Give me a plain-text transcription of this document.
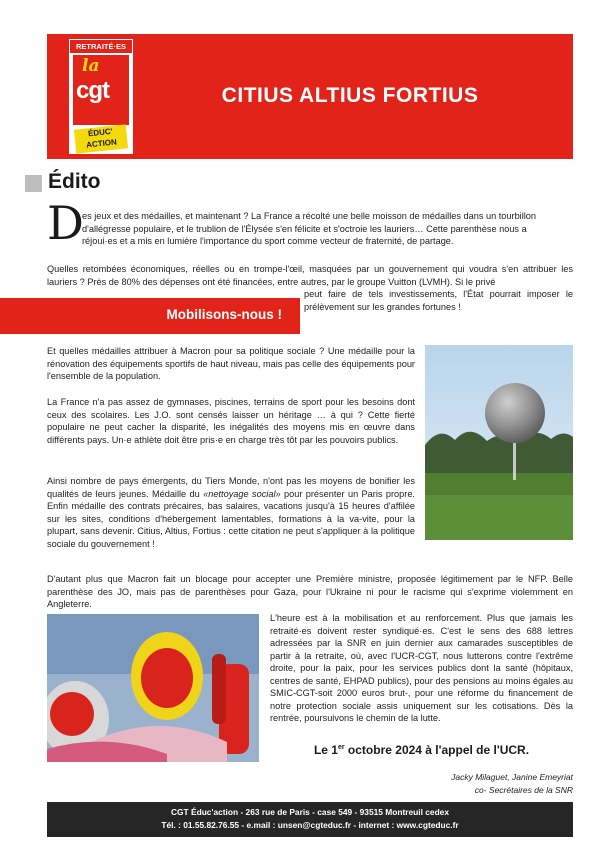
RETRAITÉ·ES
la
cgt
ÉDUC'
ACTION
CITIUS ALTIUS FORTIUS
Édito
D

es jeux et des médailles, et maintenant ? La France a récolté une belle moisson de médailles dans un tourbillon

d'allégresse populaire, et le trublion de l'Élysée s'en félicite et s'octroie les lauriers… Cette parenthèse nous a

réjoui·es et a mis en lumière l'importance du sport comme vecteur de fraternité, de partage.

Quelles retombées économiques, réelles ou en trompe-l'œil, masquées par un gouvernement qui voudra s'en attribuer les lauriers ? Près de 80% des dépenses ont été financées, entre autres, par le groupe Vuitton (LVMH). Si le privé

peut faire de tels investissements, l'État pourrait imposer le prélèvement sur les grandes fortunes !

Mobilisons-nous !

Et quelles médailles attribuer à Macron pour sa politique sociale ? Une médaille pour la rénovation des équipements sportifs de haut niveau, mais pas celle des équipements pour l'ensemble de la population.

La France n'a pas assez de gymnases, piscines, terrains de sport pour les besoins dont ceux des scolaires. Les J.O. sont censés laisser un héritage … à qui ? Cette fierté populaire ne peut cacher la disparité, les inégalités des moyens mis en œuvre dans différents pays. Un·e athlète doit être pris·e en charge très tôt par les pouvoirs publics.

Ainsi nombre de pays émergents, du Tiers Monde, n'ont pas les moyens de bonifier les qualités de leurs jeunes. Médaille du «nettoyage social» pour présenter un Paris propre. Enfin médaille des contrats précaires, bas salaires, vacations jusqu'à 15 heures d'affilée sur les sites, conditions d'hébergement lamentables, formations à la va-vite, pour la plupart, sans devenir. Citius, Altius, Fortius : cette citation ne peut s'appliquer à la politique sociale du gouvernement !

D'autant plus que Macron fait un blocage pour accepter une Première ministre, proposée légitimement par le NFP. Belle parenthèse des JO, mais pas de parenthèses pour Gaza, pour l'Ukraine ni pour le racisme qui s'exprime violemment en Angleterre.

L'heure est à la mobilisation et au renforcement. Plus que jamais les retraité·es doivent rester syndiqué·es. C'est le sens des 688 lettres adressées par la SNR en juin dernier aux camarades susceptibles de partir à la retraite, où, avec l'UCR-CGT, nous lutterons contre l'extrême droite, pour la paix, pour les services publics dont la santé (hôpitaux, centres de santé, EHPAD publics), pour des pensions au moins égales au SMIC-CGT-soit 2000 euros brut-, pour une réforme du financement de notre protection sociale assis uniquement sur les cotisations. Dès la rentrée, poursuivons le chemin de la lutte.

Le 1er octobre 2024 à l'appel de l'UCR.
Jacky Milaguet, Janine Emeyriat
co- Secrétaires de la SNR
CGT Éduc'action - 263 rue de Paris - case 549 - 93515 Montreuil cedex
Tél. : 01.55.82.76.55 - e.mail : unsen@cgteduc.fr - internet : www.cgteduc.fr
